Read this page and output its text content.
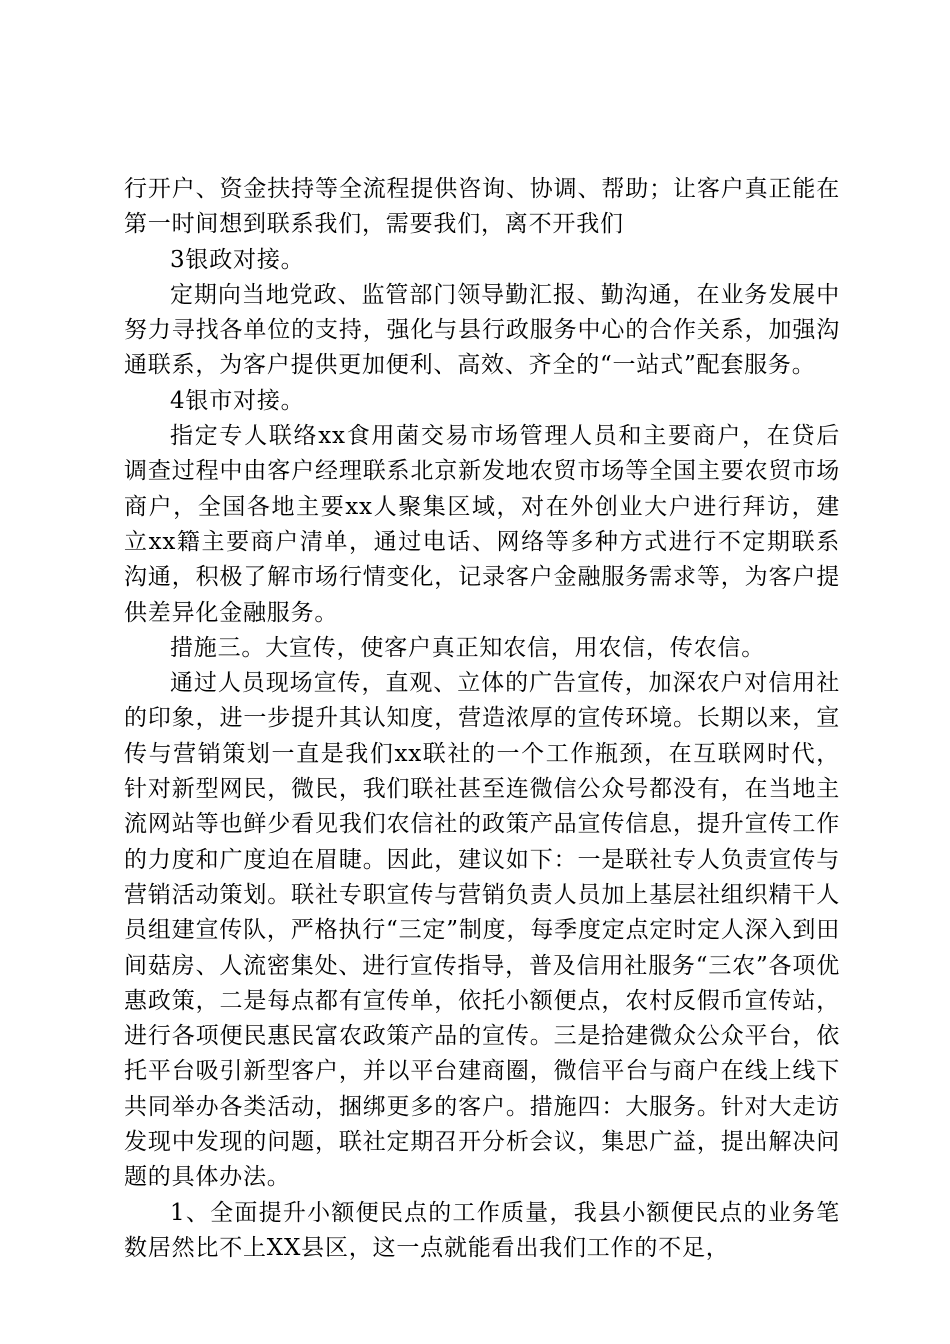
行开户、资金扶持等全流程提供咨询、协调、帮助；让客户真正能在第一时间想到联系我们，需要我们，离不开我们

3银政对接。

定期向当地党政、监管部门领导勤汇报、勤沟通，在业务发展中努力寻找各单位的支持，强化与县行政服务中心的合作关系，加强沟通联系，为客户提供更加便利、高效、齐全的“一站式”配套服务。

4银市对接。

指定专人联络xx食用菌交易市场管理人员和主要商户，在贷后调查过程中由客户经理联系北京新发地农贸市场等全国主要农贸市场商户，全国各地主要xx人聚集区域，对在外创业大户进行拜访，建立xx籍主要商户清单，通过电话、网络等多种方式进行不定期联系沟通，积极了解市场行情变化，记录客户金融服务需求等，为客户提供差异化金融服务。

措施三。大宣传，使客户真正知农信，用农信，传农信。

通过人员现场宣传，直观、立体的广告宣传，加深农户对信用社的印象，进一步提升其认知度，营造浓厚的宣传环境。长期以来，宣传与营销策划一直是我们xx联社的一个工作瓶颈，在互联网时代，针对新型网民，微民，我们联社甚至连微信公众号都没有，在当地主流网站等也鲜少看见我们农信社的政策产品宣传信息，提升宣传工作的力度和广度迫在眉睫。因此，建议如下：一是联社专人负责宣传与营销活动策划。联社专职宣传与营销负责人员加上基层社组织精干人员组建宣传队，严格执行“三定”制度，每季度定点定时定人深入到田间菇房、人流密集处、进行宣传指导，普及信用社服务“三农”各项优惠政策，二是每点都有宣传单，依托小额便点，农村反假币宣传站，进行各项便民惠民富农政策产品的宣传。三是拾建微众公众平台，依托平台吸引新型客户，并以平台建商圈，微信平台与商户在线上线下共同举办各类活动，捆绑更多的客户。措施四：大服务。针对大走访发现中发现的问题，联社定期召开分析会议，集思广益，提出解决问题的具体办法。

1、全面提升小额便民点的工作质量，我县小额便民点的业务笔数居然比不上XX县区，这一点就能看出我们工作的不足，
